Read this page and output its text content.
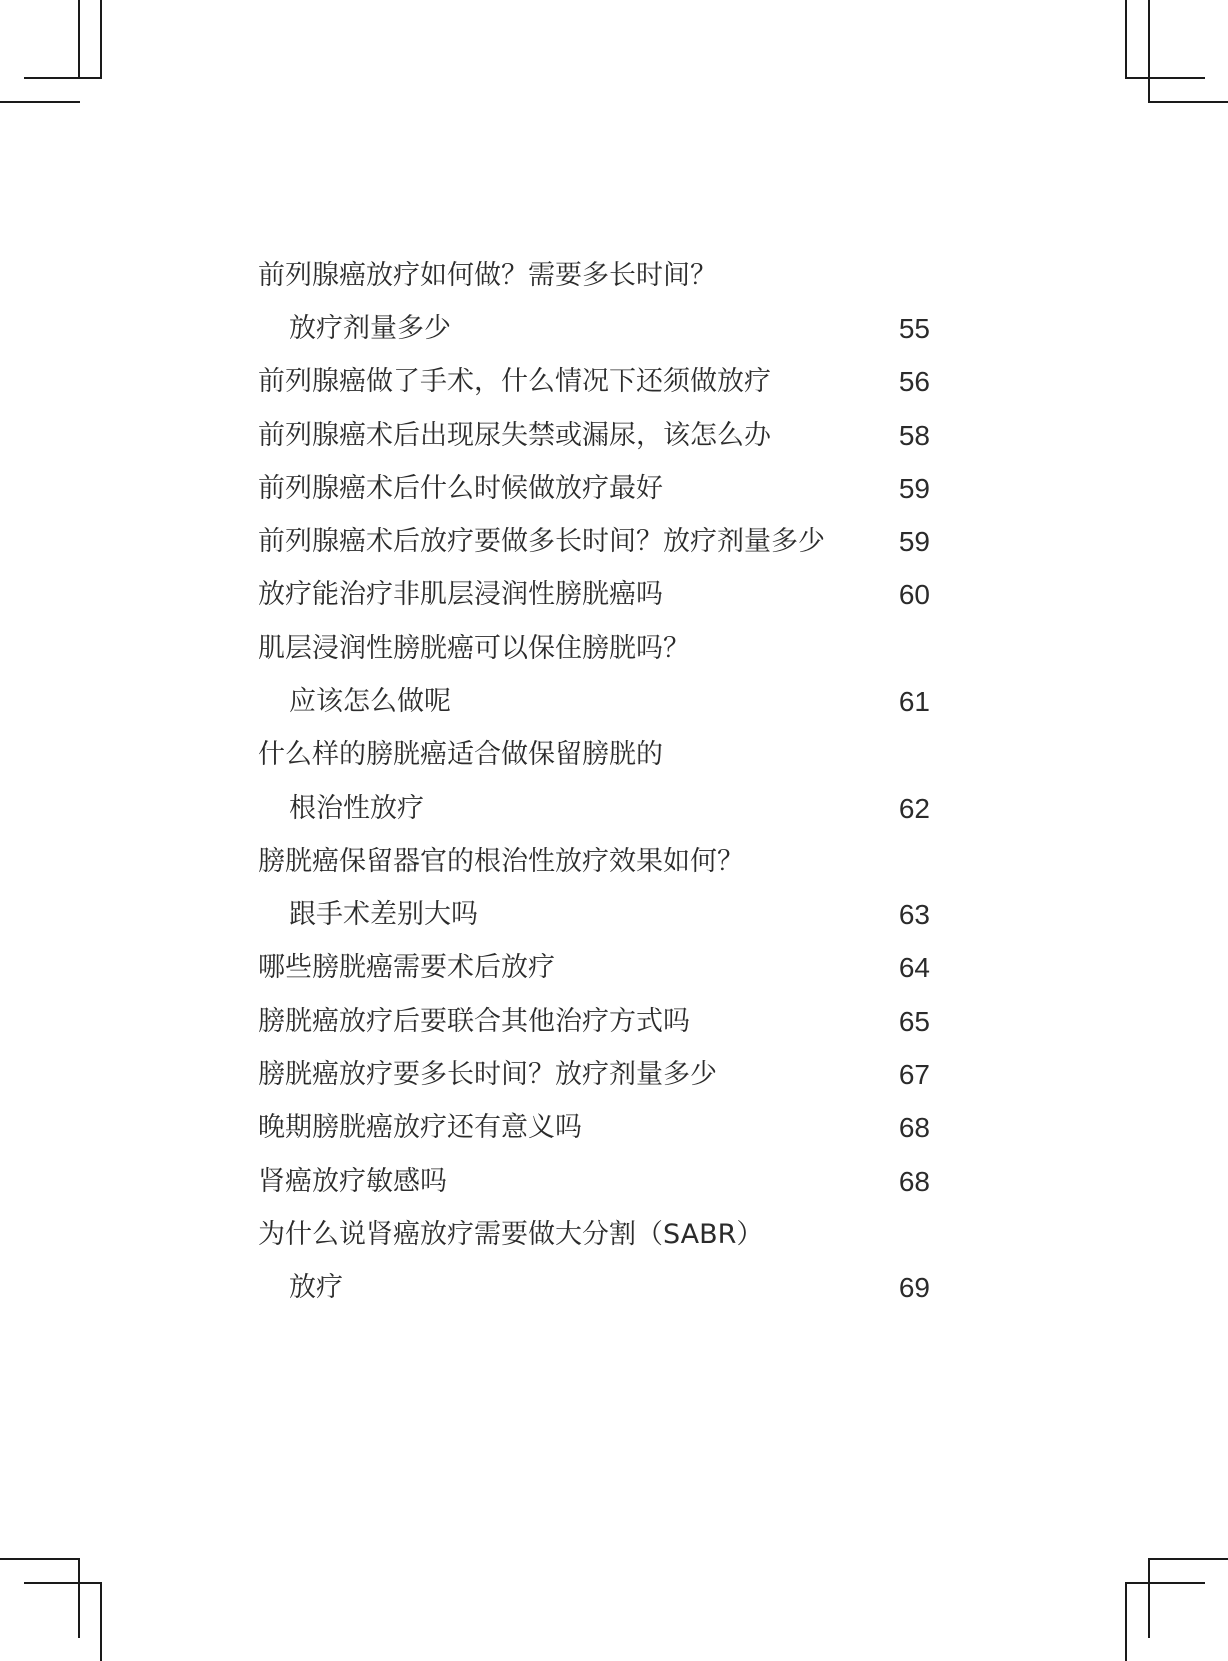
前列腺癌放疗如何做？需要多长时间？
放疗剂量多少	55
前列腺癌做了手术，什么情况下还须做放疗	56
前列腺癌术后出现尿失禁或漏尿，该怎么办	58
前列腺癌术后什么时候做放疗最好	59
前列腺癌术后放疗要做多长时间？放疗剂量多少	59
放疗能治疗非肌层浸润性膀胱癌吗	60
肌层浸润性膀胱癌可以保住膀胱吗？
应该怎么做呢	61
什么样的膀胱癌适合做保留膀胱的
根治性放疗	62
膀胱癌保留器官的根治性放疗效果如何？
跟手术差别大吗	63
哪些膀胱癌需要术后放疗	64
膀胱癌放疗后要联合其他治疗方式吗	65
膀胱癌放疗要多长时间？放疗剂量多少	67
晚期膀胱癌放疗还有意义吗	68
肾癌放疗敏感吗	68
为什么说肾癌放疗需要做大分割（SABR）
放疗	69
